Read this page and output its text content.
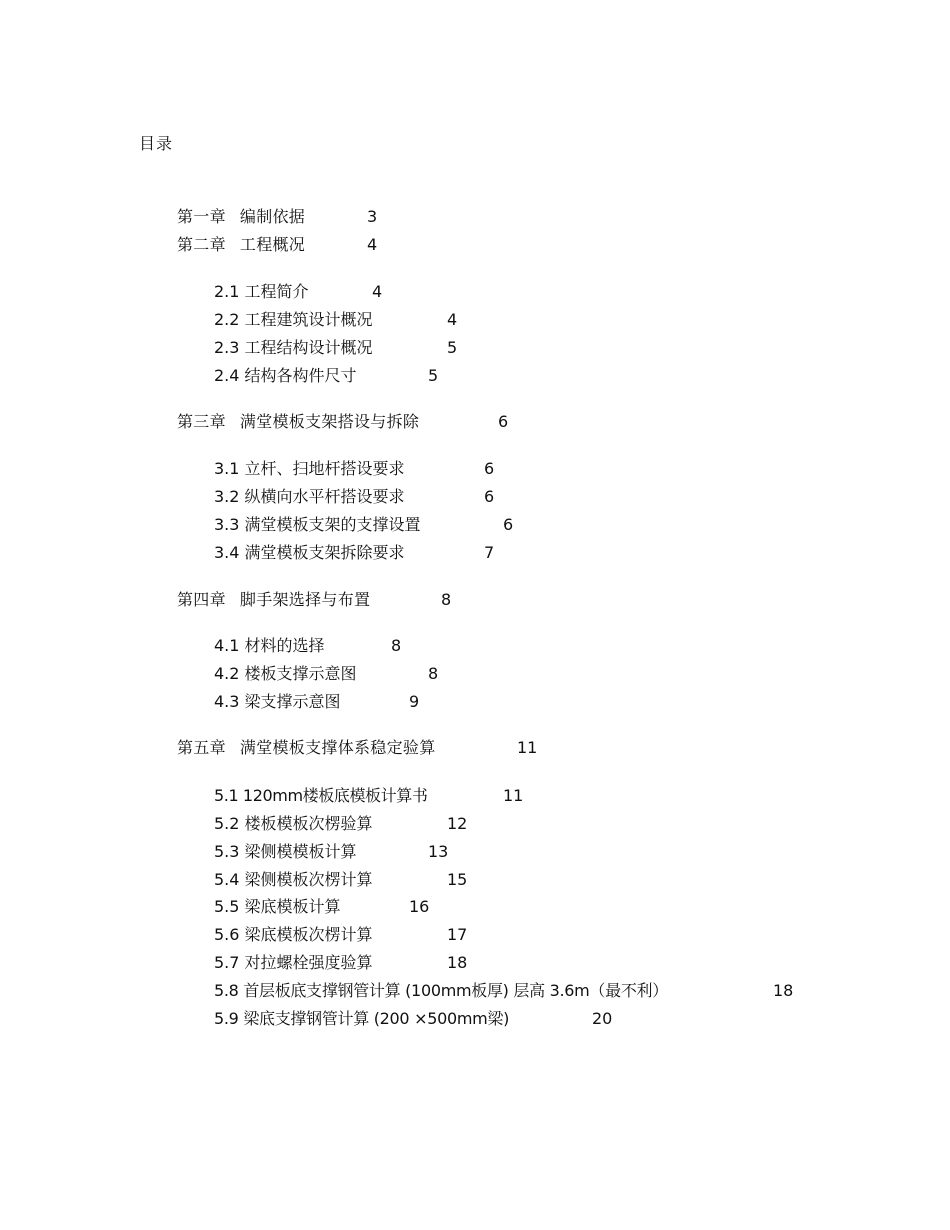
目录
第一章 编制依据	3
第二章 工程概况	4
2.1 工程简介	4
2.2 工程建筑设计概况	4
2.3 工程结构设计概况	5
2.4 结构各构件尺寸	5
第三章 满堂模板支架搭设与拆除	6
3.1 立杆、扫地杆搭设要求	6
3.2 纵横向水平杆搭设要求	6
3.3 满堂模板支架的支撑设置	6
3.4 满堂模板支架拆除要求	7
第四章 脚手架选择与布置	8
4.1 材料的选择	8
4.2 楼板支撑示意图	8
4.3 梁支撑示意图	9
第五章 满堂模板支撑体系稳定验算	11
5.1 120mm楼板底模板计算书	11
5.2 楼板模板次楞验算	12
5.3 梁侧模模板计算	13
5.4 梁侧模板次楞计算	15
5.5 梁底模板计算	16
5.6 梁底模板次楞计算	17
5.7 对拉螺栓强度验算	18
5.8 首层板底支撑钢管计算 (100mm板厚) 层高 3.6m（最不利）	18
5.9 梁底支撑钢管计算 (200 ×500mm梁)	20
